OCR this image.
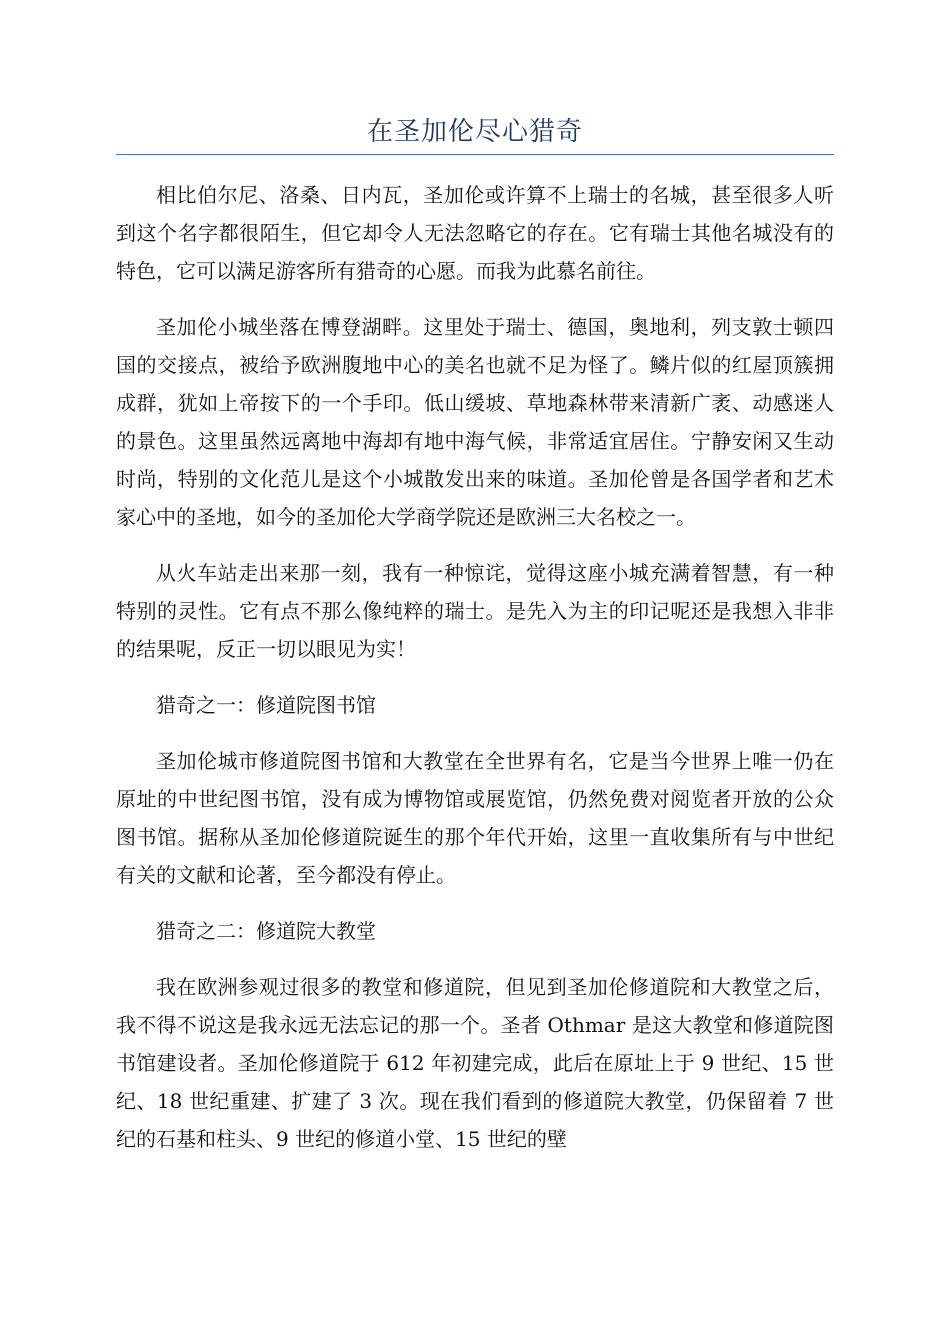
在圣加伦尽心猎奇

相比伯尔尼、洛桑、日内瓦，圣加伦或许算不上瑞士的名城，甚至很多人听到这个名字都很陌生，但它却令人无法忽略它的存在。它有瑞士其他名城没有的特色，它可以满足游客所有猎奇的心愿。而我为此慕名前往。

圣加伦小城坐落在博登湖畔。这里处于瑞士、德国，奥地利，列支敦士顿四国的交接点，被给予欧洲腹地中心的美名也就不足为怪了。鳞片似的红屋顶簇拥成群，犹如上帝按下的一个手印。低山缓坡、草地森林带来清新广袤、动感迷人的景色。这里虽然远离地中海却有地中海气候，非常适宜居住。宁静安闲又生动时尚，特别的文化范儿是这个小城散发出来的味道。圣加伦曾是各国学者和艺术家心中的圣地，如今的圣加伦大学商学院还是欧洲三大名校之一。

从火车站走出来那一刻，我有一种惊诧，觉得这座小城充满着智慧，有一种特别的灵性。它有点不那么像纯粹的瑞士。是先入为主的印记呢还是我想入非非的结果呢，反正一切以眼见为实！

猎奇之一：修道院图书馆

圣加伦城市修道院图书馆和大教堂在全世界有名，它是当今世界上唯一仍在原址的中世纪图书馆，没有成为博物馆或展览馆，仍然免费对阅览者开放的公众图书馆。据称从圣加伦修道院诞生的那个年代开始，这里一直收集所有与中世纪有关的文献和论著，至今都没有停止。

猎奇之二：修道院大教堂

我在欧洲参观过很多的教堂和修道院，但见到圣加伦修道院和大教堂之后，我不得不说这是我永远无法忘记的那一个。圣者 Othmar 是这大教堂和修道院图书馆建设者。圣加伦修道院于 612 年初建完成，此后在原址上于 9 世纪、15 世纪、18 世纪重建、扩建了 3 次。现在我们看到的修道院大教堂，仍保留着 7 世纪的石基和柱头、9 世纪的修道小堂、15 世纪的壁
